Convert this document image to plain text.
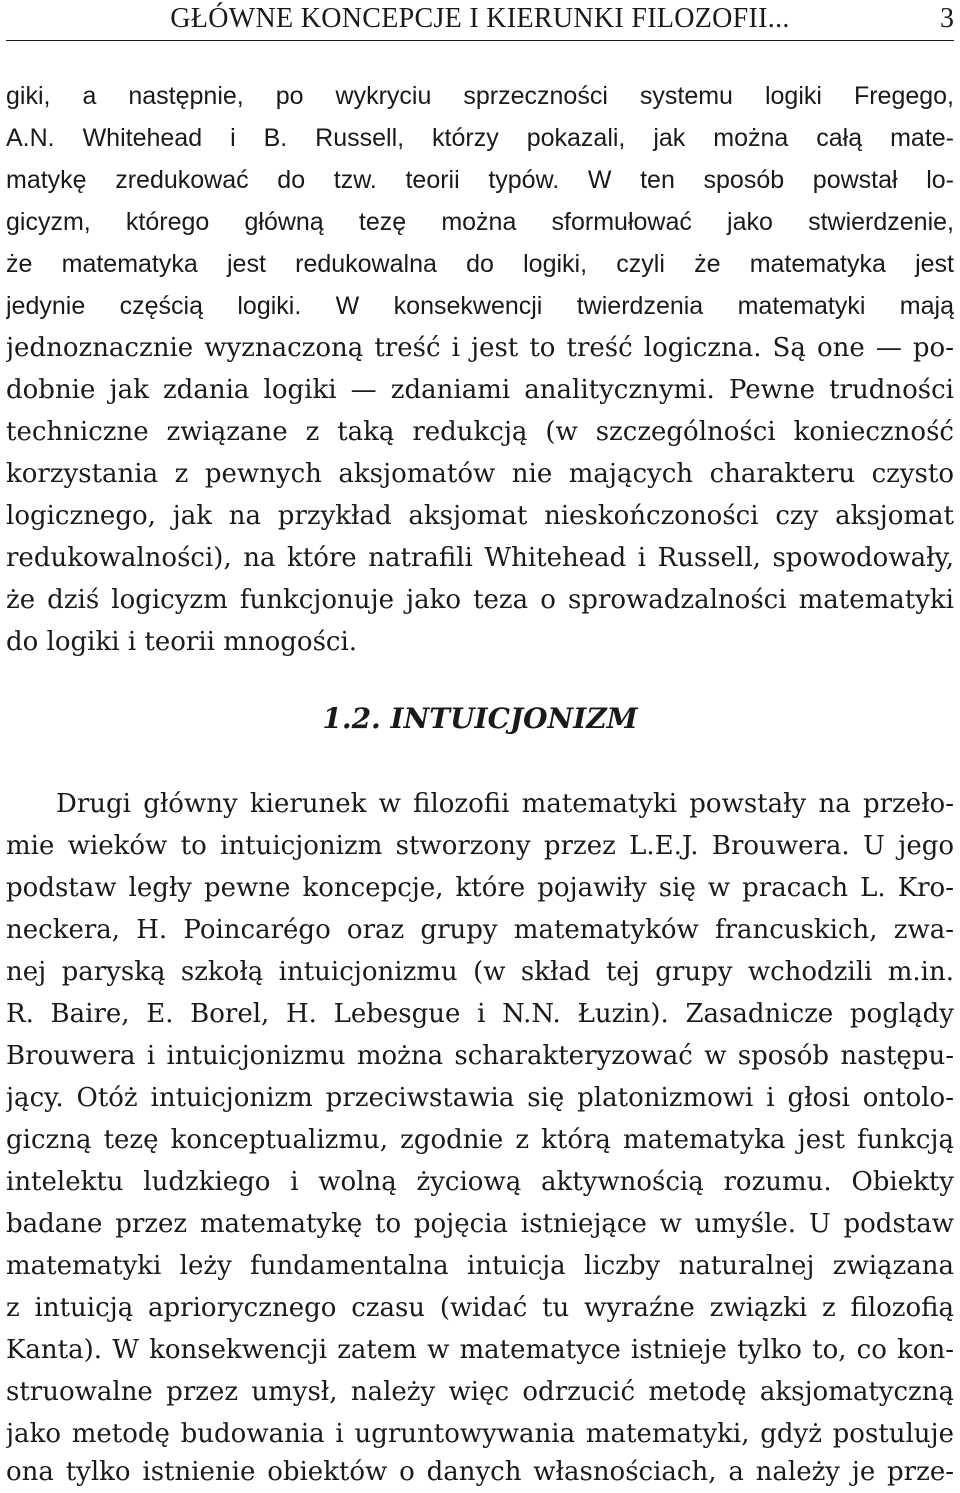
GŁÓWNE KONCEPCJE I KIERUNKI FILOZOFII...	3
giki, a następnie, po wykryciu sprzeczności systemu logiki Fregego,
A.N. Whitehead i B. Russell, którzy pokazali, jak można całą mate-
matykę zredukować do tzw. teorii typów. W ten sposób powstał lo-
gicyzm, którego główną tezę można sformułować jako stwierdzenie,
że matematyka jest redukowalna do logiki, czyli że matematyka jest
jedynie częścią logiki. W konsekwencji twierdzenia matematyki mają
jednoznacznie wyznaczoną treść i jest to treść logiczna. Są one — po-
dobnie jak zdania logiki — zdaniami analitycznymi. Pewne trudności
techniczne związane z taką redukcją (w szczególności konieczność
korzystania z pewnych aksjomatów nie mających charakteru czysto
logicznego, jak na przykład aksjomat nieskończoności czy aksjomat
redukowalności), na które natrafili Whitehead i Russell, spowodowały,
że dziś logicyzm funkcjonuje jako teza o sprowadzalności matematyki
do logiki i teorii mnogości.
1.2. INTUICJONIZM
Drugi główny kierunek w filozofii matematyki powstały na przeło-
mie wieków to intuicjonizm stworzony przez L.E.J. Brouwera. U jego
podstaw legły pewne koncepcje, które pojawiły się w pracach L. Kro-
neckera, H. Poincarégo oraz grupy matematyków francuskich, zwa-
nej paryską szkołą intuicjonizmu (w skład tej grupy wchodzili m.in.
R. Baire, E. Borel, H. Lebesgue i N.N. Łuzin). Zasadnicze poglądy
Brouwera i intuicjonizmu można scharakteryzować w sposób następu-
jący. Otóż intuicjonizm przeciwstawia się platonizmowi i głosi ontolo-
giczną tezę konceptualizmu, zgodnie z którą matematyka jest funkcją
intelektu ludzkiego i wolną życiową aktywnością rozumu. Obiekty
badane przez matematykę to pojęcia istniejące w umyśle. U podstaw
matematyki leży fundamentalna intuicja liczby naturalnej związana
z intuicją apriorycznego czasu (widać tu wyraźne związki z filozofią
Kanta). W konsekwencji zatem w matematyce istnieje tylko to, co kon-
struowalne przez umysł, należy więc odrzucić metodę aksjomatyczną
jako metodę budowania i ugruntowywania matematyki, gdyż postuluje
ona tylko istnienie obiektów o danych własnościach, a należy je prze-
